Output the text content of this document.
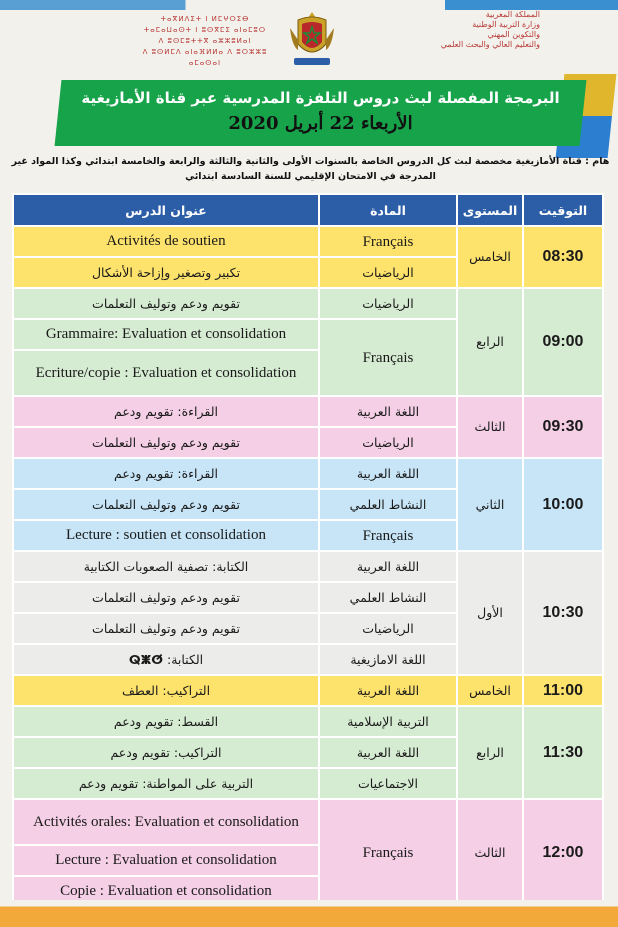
ⵜⴰⴳⵍⴷⵉⵜ ⵏ ⵍⵎⵖⵔⵉⴱ
ⵜⴰⵎⴰⵡⴰⵙⵜ ⵏ ⵓⵙⴳⵎⵉ ⴰⵏⴰⵎⵓⵔ
ⴷ ⵓⵙⵎⵓⵜⵜⴳ ⴰⵣⵣⵓⵍⴰⵏ
ⴷ ⵓⵙⵍⵎⴷ ⴰⵏⴰⴼⵍⵍⴰ ⴷ ⵓⵔⵣⵣⵓ ⴰⵎⴰⵙⴰⵏ
المملكة المغربية
وزارة التربية الوطنية
والتكوين المهني
والتعليم العالي والبحث العلمي
البرمجة المفصلة لبث دروس التلفزة المدرسية عبر قناة الأمازيغية
الأربعاء 22 أبريل 2020
هام : قناة الأمازيغية مخصصة لبث كل الدروس الخاصة بالسنوات الأولى والثانية والثالثة والرابعة والخامسة ابتدائي وكذا المواد غير المدرجة في الامتحان الإقليمي للسنة السادسة ابتدائي
عنوان الدرس	المادة	المستوى	التوقيت
Activités de soutien	Français	الخامس	08:30
تكبير وتصغير وإزاحة الأشكال	الرياضيات		
تقويم ودعم وتوليف التعلمات	الرياضيات	الرابع	09:00
Grammaire: Evaluation et consolidation	Français		
Ecriture/copie : Evaluation et consolidation			
القراءة: تقويم ودعم	اللغة العربية	الثالث	09:30
تقويم ودعم وتوليف التعلمات	الرياضيات		
القراءة: تقويم ودعم	اللغة العربية	الثاني	10:00
تقويم ودعم وتوليف التعلمات	النشاط العلمي		
Lecture : soutien et consolidation	Français		
الكتابة: تصفية الصعوبات الكتابية	اللغة العربية	الأول	10:30
تقويم ودعم وتوليف التعلمات	النشاط العلمي		
تقويم ودعم وتوليف التعلمات	الرياضيات		
الكتابة: ⵕⵥⵚ	اللغة الامازيغية		
التراكيب: العطف	اللغة العربية	الخامس	11:00
القسط: تقويم ودعم	التربية الإسلامية	الرابع	11:30
التراكيب: تقويم ودعم	اللغة العربية		
التربية على المواطنة: تقويم ودعم	الاجتماعيات		
Activités orales: Evaluation et consolidation	Français	الثالث	12:00
Lecture : Evaluation et consolidation			
Copie : Evaluation et consolidation			
